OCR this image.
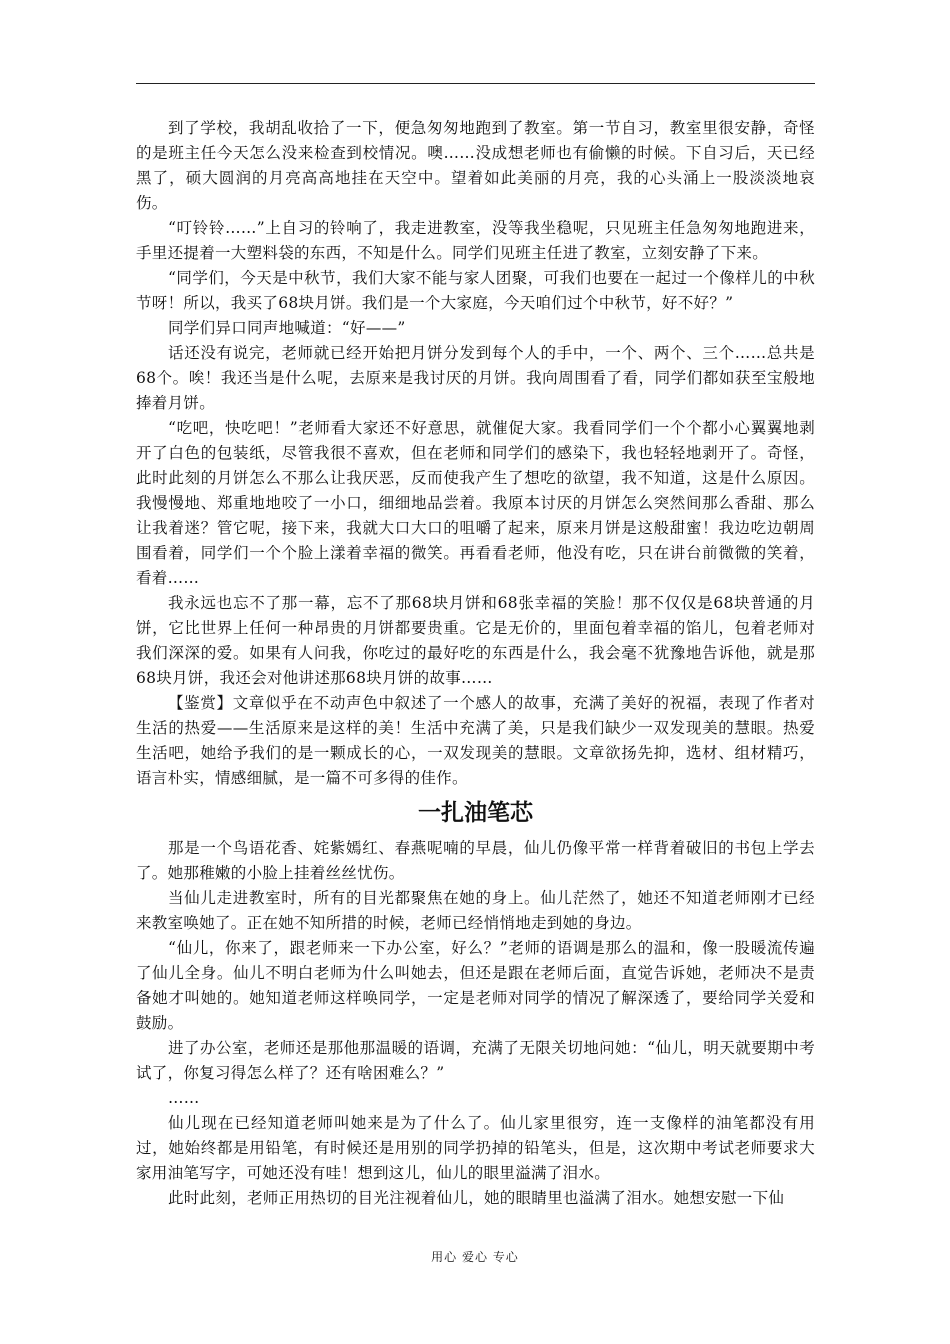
到了学校，我胡乱收拾了一下，便急匆匆地跑到了教室。第一节自习，教室里很安静，奇怪的是班主任今天怎么没来检查到校情况。噢……没成想老师也有偷懒的时候。下自习后，天已经黑了，硕大圆润的月亮高高地挂在天空中。望着如此美丽的月亮，我的心头涌上一股淡淡地哀伤。

“叮铃铃……”上自习的铃响了，我走进教室，没等我坐稳呢，只见班主任急匆匆地跑进来，手里还提着一大塑料袋的东西，不知是什么。同学们见班主任进了教室，立刻安静了下来。

“同学们，今天是中秋节，我们大家不能与家人团聚，可我们也要在一起过一个像样儿的中秋节呀！所以，我买了68块月饼。我们是一个大家庭，今天咱们过个中秋节，好不好？”

同学们异口同声地喊道：“好——”

话还没有说完，老师就已经开始把月饼分发到每个人的手中，一个、两个、三个……总共是68个。唉！我还当是什么呢，去原来是我讨厌的月饼。我向周围看了看，同学们都如获至宝般地捧着月饼。

“吃吧，快吃吧！”老师看大家还不好意思，就催促大家。我看同学们一个个都小心翼翼地剥开了白色的包装纸，尽管我很不喜欢，但在老师和同学们的感染下，我也轻轻地剥开了。奇怪，此时此刻的月饼怎么不那么让我厌恶，反而使我产生了想吃的欲望，我不知道，这是什么原因。我慢慢地、郑重地地咬了一小口，细细地品尝着。我原本讨厌的月饼怎么突然间那么香甜、那么让我着迷？管它呢，接下来，我就大口大口的咀嚼了起来，原来月饼是这般甜蜜！我边吃边朝周围看着，同学们一个个脸上漾着幸福的微笑。再看看老师，他没有吃，只在讲台前微微的笑着，看着……

我永远也忘不了那一幕，忘不了那68块月饼和68张幸福的笑脸！那不仅仅是68块普通的月饼，它比世界上任何一种昂贵的月饼都要贵重。它是无价的，里面包着幸福的馅儿，包着老师对我们深深的爱。如果有人问我，你吃过的最好吃的东西是什么，我会毫不犹豫地告诉他，就是那68块月饼，我还会对他讲述那68块月饼的故事……

【鉴赏】文章似乎在不动声色中叙述了一个感人的故事，充满了美好的祝福，表现了作者对生活的热爱——生活原来是这样的美！生活中充满了美，只是我们缺少一双发现美的慧眼。热爱生活吧，她给予我们的是一颗成长的心，一双发现美的慧眼。文章欲扬先抑，选材、组材精巧，语言朴实，情感细腻，是一篇不可多得的佳作。

一扎油笔芯

那是一个鸟语花香、姹紫嫣红、春燕呢喃的早晨，仙儿仍像平常一样背着破旧的书包上学去了。她那稚嫩的小脸上挂着丝丝忧伤。

当仙儿走进教室时，所有的目光都聚焦在她的身上。仙儿茫然了，她还不知道老师刚才已经来教室唤她了。正在她不知所措的时候，老师已经悄悄地走到她的身边。

“仙儿，你来了，跟老师来一下办公室，好么？”老师的语调是那么的温和，像一股暖流传遍了仙儿全身。仙儿不明白老师为什么叫她去，但还是跟在老师后面，直觉告诉她，老师决不是责备她才叫她的。她知道老师这样唤同学，一定是老师对同学的情况了解深透了，要给同学关爱和鼓励。

进了办公室，老师还是那他那温暖的语调，充满了无限关切地问她：“仙儿，明天就要期中考试了，你复习得怎么样了？还有啥困难么？”

……

仙儿现在已经知道老师叫她来是为了什么了。仙儿家里很穷，连一支像样的油笔都没有用过，她始终都是用铅笔，有时候还是用别的同学扔掉的铅笔头，但是，这次期中考试老师要求大家用油笔写字，可她还没有哇！想到这儿，仙儿的眼里溢满了泪水。

此时此刻，老师正用热切的目光注视着仙儿，她的眼睛里也溢满了泪水。她想安慰一下仙

用心 爱心 专心
